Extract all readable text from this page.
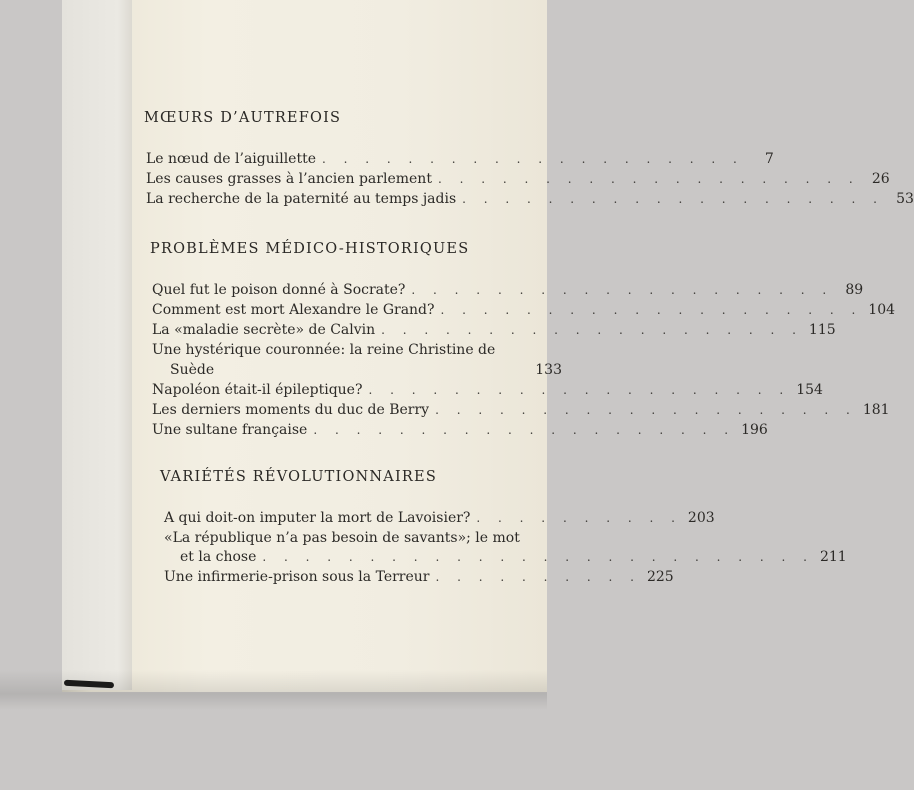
MŒURS D’AUTREFOIS
Le nœud de l’aiguillette . . . . . . . . . . . . . . . . . . . .	7
Les causes grasses à l’ancien parlement . . . . . . . . . . . . . . . . . . . . 26
La recherche de la paternité au temps jadis . . . . . . . . . . . . . . . . . . . . 53
PROBLÈMES MÉDICO-HISTORIQUES
Quel fut le poison donné à Socrate? . . . . . . . . . . . . . . . . . . . . 89
Comment est mort Alexandre le Grand? . . . . . . . . . . . . . . . . . . . . 104
La «maladie secrète» de Calvin . . . . . . . . . . . . . . . . . . . . 115
Une hystérique couronnée: la reine Christine de
Suède
	133
Napoléon était-il épileptique? . . . . . . . . . . . . . . . . . . . . 154
Les derniers moments du duc de Berry . . . . . . . . . . . . . . . . . . . . 181
Une sultane française . . . . . . . . . . . . . . . . . . . . 196
VARIÉTÉS RÉVOLUTIONNAIRES
A qui doit-on imputer la mort de Lavoisier? . . . . . . . . . . 203
«La république n’a pas besoin de savants»; le mot
et la chose . . . . . . . . . . . . . . . . . . . . . . . . . . 211
Une infirmerie-prison sous la Terreur . . . . . . . . . . 225
